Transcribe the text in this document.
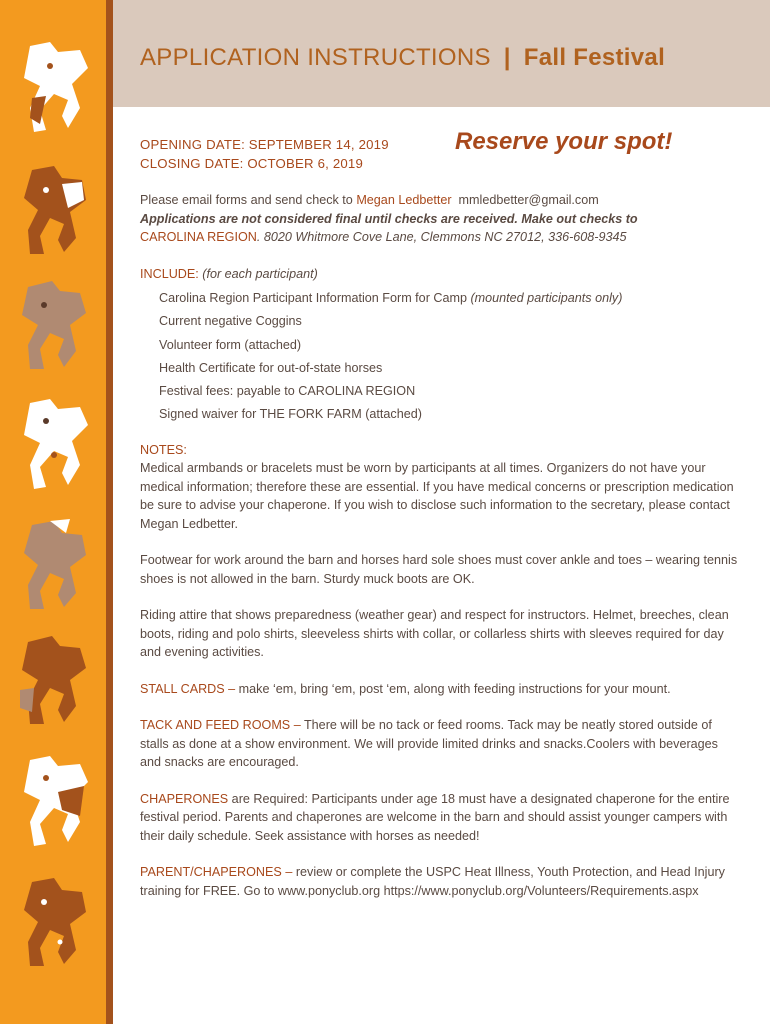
APPLICATION INSTRUCTIONS | Fall Festival
Reserve your spot!
OPENING DATE: SEPTEMBER 14, 2019
CLOSING DATE: OCTOBER 6, 2019

Please email forms and send check to Megan Ledbetter mmledbetter@gmail.com
Applications are not considered final until checks are received. Make out checks to
CAROLINA REGION. 8020 Whitmore Cove Lane, Clemmons NC 27012, 336-608-9345

INCLUDE: (for each participant)

Carolina Region Participant Information Form for Camp (mounted participants only)
Current negative Coggins
Volunteer form (attached)
Health Certificate for out-of-state horses
Festival fees: payable to CAROLINA REGION
Signed waiver for THE FORK FARM (attached)

NOTES:

Medical armbands or bracelets must be worn by participants at all times. Organizers do not have your medical information; therefore these are essential. If you have medical concerns or prescription medication be sure to advise your chaperone. If you wish to disclose such information to the secretary, please contact Megan Ledbetter.

Footwear for work around the barn and horses hard sole shoes must cover ankle and toes – wearing tennis shoes is not allowed in the barn. Sturdy muck boots are OK.

Riding attire that shows preparedness (weather gear) and respect for instructors. Helmet, breeches, clean boots, riding and polo shirts, sleeveless shirts with collar, or collarless shirts with sleeves required for day and evening activities.

STALL CARDS – make ‘em, bring ‘em, post ‘em, along with feeding instructions for your mount.

TACK AND FEED ROOMS – There will be no tack or feed rooms. Tack may be neatly stored outside of stalls as done at a show environment. We will provide limited drinks and snacks.Coolers with beverages and snacks are encouraged.

CHAPERONES are Required: Participants under age 18 must have a designated chaperone for the entire festival period. Parents and chaperones are welcome in the barn and should assist younger campers with their daily schedule. Seek assistance with horses as needed!

PARENT/CHAPERONES – review or complete the USPC Heat Illness, Youth Protection, and Head Injury training for FREE. Go to www.ponyclub.org https://www.ponyclub.org/Volunteers/Requirements.aspx
